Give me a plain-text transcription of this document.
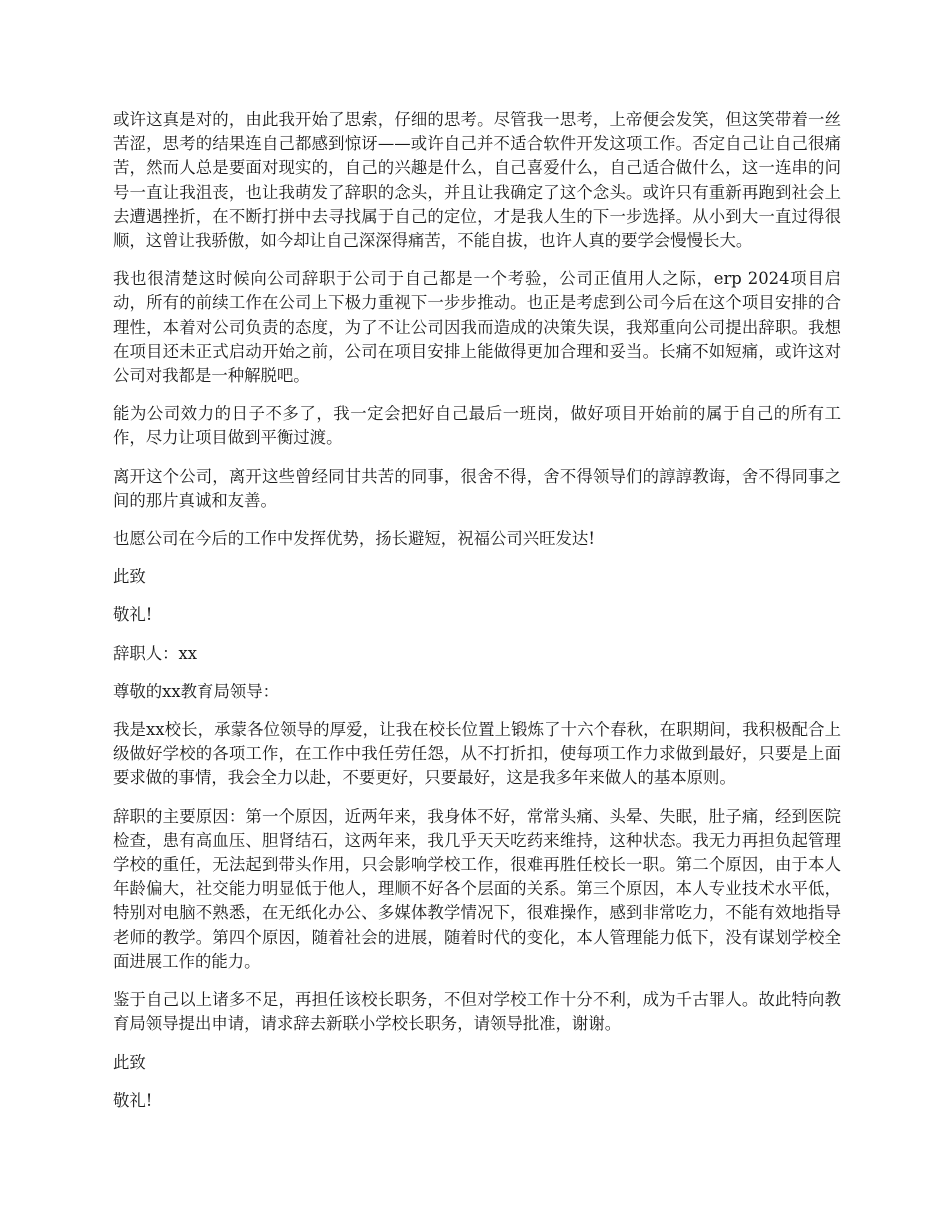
或许这真是对的，由此我开始了思索，仔细的思考。尽管我一思考，上帝便会发笑，但这笑带着一丝苦涩，思考的结果连自己都感到惊讶——或许自己并不适合软件开发这项工作。否定自己让自己很痛苦，然而人总是要面对现实的，自己的兴趣是什么，自己喜爱什么，自己适合做什么，这一连串的问号一直让我沮丧，也让我萌发了辞职的念头，并且让我确定了这个念头。或许只有重新再跑到社会上去遭遇挫折，在不断打拼中去寻找属于自己的定位，才是我人生的下一步选择。从小到大一直过得很顺，这曾让我骄傲，如今却让自己深深得痛苦，不能自拔，也许人真的要学会慢慢长大。

我也很清楚这时候向公司辞职于公司于自己都是一个考验，公司正值用人之际，erp 2024项目启动，所有的前续工作在公司上下极力重视下一步步推动。也正是考虑到公司今后在这个项目安排的合理性，本着对公司负责的态度，为了不让公司因我而造成的决策失误，我郑重向公司提出辞职。我想在项目还未正式启动开始之前，公司在项目安排上能做得更加合理和妥当。长痛不如短痛，或许这对公司对我都是一种解脱吧。

能为公司效力的日子不多了，我一定会把好自己最后一班岗，做好项目开始前的属于自己的所有工作，尽力让项目做到平衡过渡。

离开这个公司，离开这些曾经同甘共苦的同事，很舍不得，舍不得领导们的諄諄教诲，舍不得同事之间的那片真诚和友善。

也愿公司在今后的工作中发挥优势，扬长避短，祝福公司兴旺发达!

此致

敬礼!

辞职人：xx

尊敬的xx教育局领导：

我是xx校长，承蒙各位领导的厚爱，让我在校长位置上锻炼了十六个春秋，在职期间，我积极配合上级做好学校的各项工作，在工作中我任劳任怨，从不打折扣，使每项工作力求做到最好，只要是上面要求做的事情，我会全力以赴，不要更好，只要最好，这是我多年来做人的基本原则。

辞职的主要原因：第一个原因，近两年来，我身体不好，常常头痛、头晕、失眠，肚子痛，经到医院检查，患有高血压、胆肾结石，这两年来，我几乎天天吃药来维持，这种状态。我无力再担负起管理学校的重任，无法起到带头作用，只会影响学校工作，很难再胜任校长一职。第二个原因，由于本人年龄偏大，社交能力明显低于他人，理顺不好各个层面的关系。第三个原因，本人专业技术水平低，特别对电脑不熟悉，在无纸化办公、多媒体教学情况下，很难操作，感到非常吃力，不能有效地指导老师的教学。第四个原因，随着社会的进展，随着时代的变化，本人管理能力低下，没有谋划学校全面进展工作的能力。

鉴于自己以上诸多不足，再担任该校长职务，不但对学校工作十分不利，成为千古罪人。故此特向教育局领导提出申请，请求辞去新联小学校长职务，请领导批准，谢谢。

此致

敬礼!
